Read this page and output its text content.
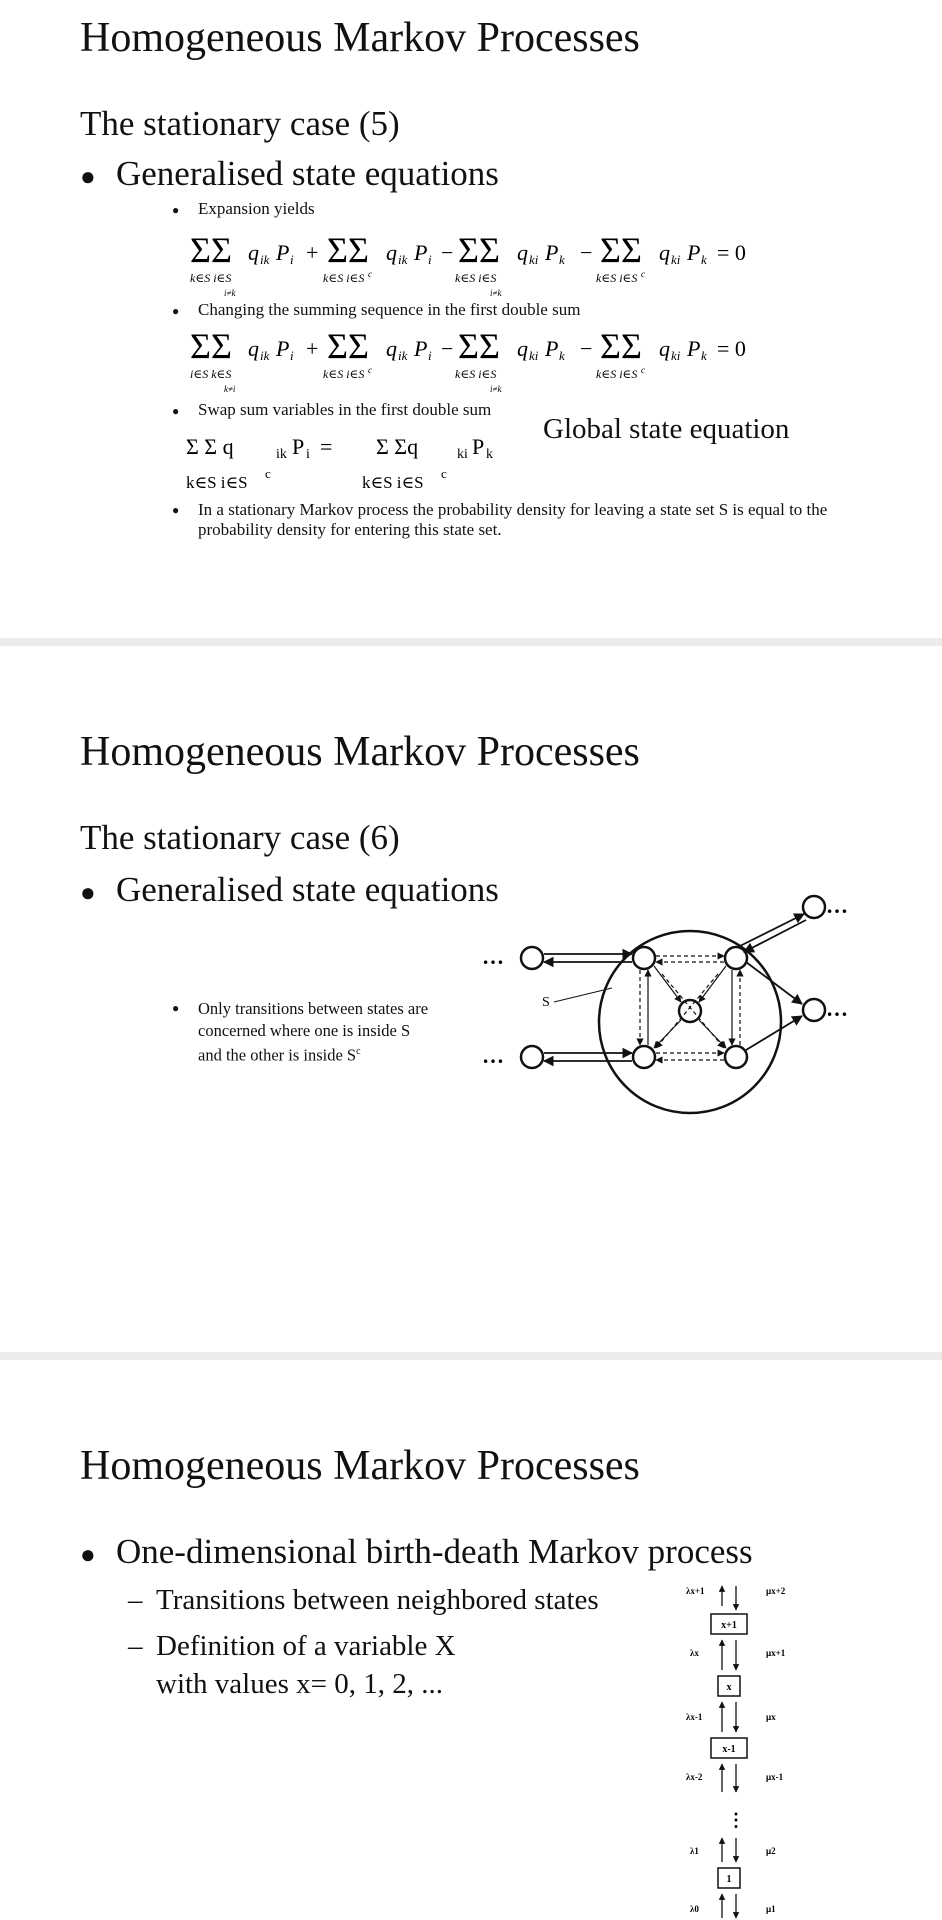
Homogeneous Markov Processes
The stationary case (5)
● Generalised state equations
● Expansion yields
ΣΣ	ΣΣ ΣΣ	ΣΣ
q ik P i	q ik P i	q ki P k	q ki P k
+	−	−	= 0
k∈S i∈S	k∈S i∈S c	k∈S i∈S	k∈S i∈S c
i≠k	i≠k
● Changing the summing sequence in the first double sum
ΣΣ	ΣΣ ΣΣ	ΣΣ
q ik P i	q ik P i	q ki P k	q ki P k
+	−	−	= 0
i∈S k∈S	k∈S i∈S c	k∈S i∈S	k∈S i∈S c
k≠i	i≠k
● Swap sum variables in the first double sum
Global state equation
Σ Σ q	ik P i = Σ Σq	ki P k
k∈S i∈S c	k∈S i∈S c
● In a stationary Markov process the probability density for leaving a state set S is equal to the probability density for entering this state set.
Homogeneous Markov Processes
The stationary case (6)
● Generalised state equations
● Only transitions between states are concerned where one is inside S and the other is inside $S^c$
S
…
…
…
…
Homogeneous Markov Processes
● One-dimensional birth-death Markov process
– Transitions between neighbored states
– Definition of a variable X
with values x= 0, 1, 2, ...
x+1
x
x-1
1
⋮
λx+1
λx
λx-1
λx-2
λ1
λ0
μx+2
μx+1
μx
μx-1
μ2
μ1
